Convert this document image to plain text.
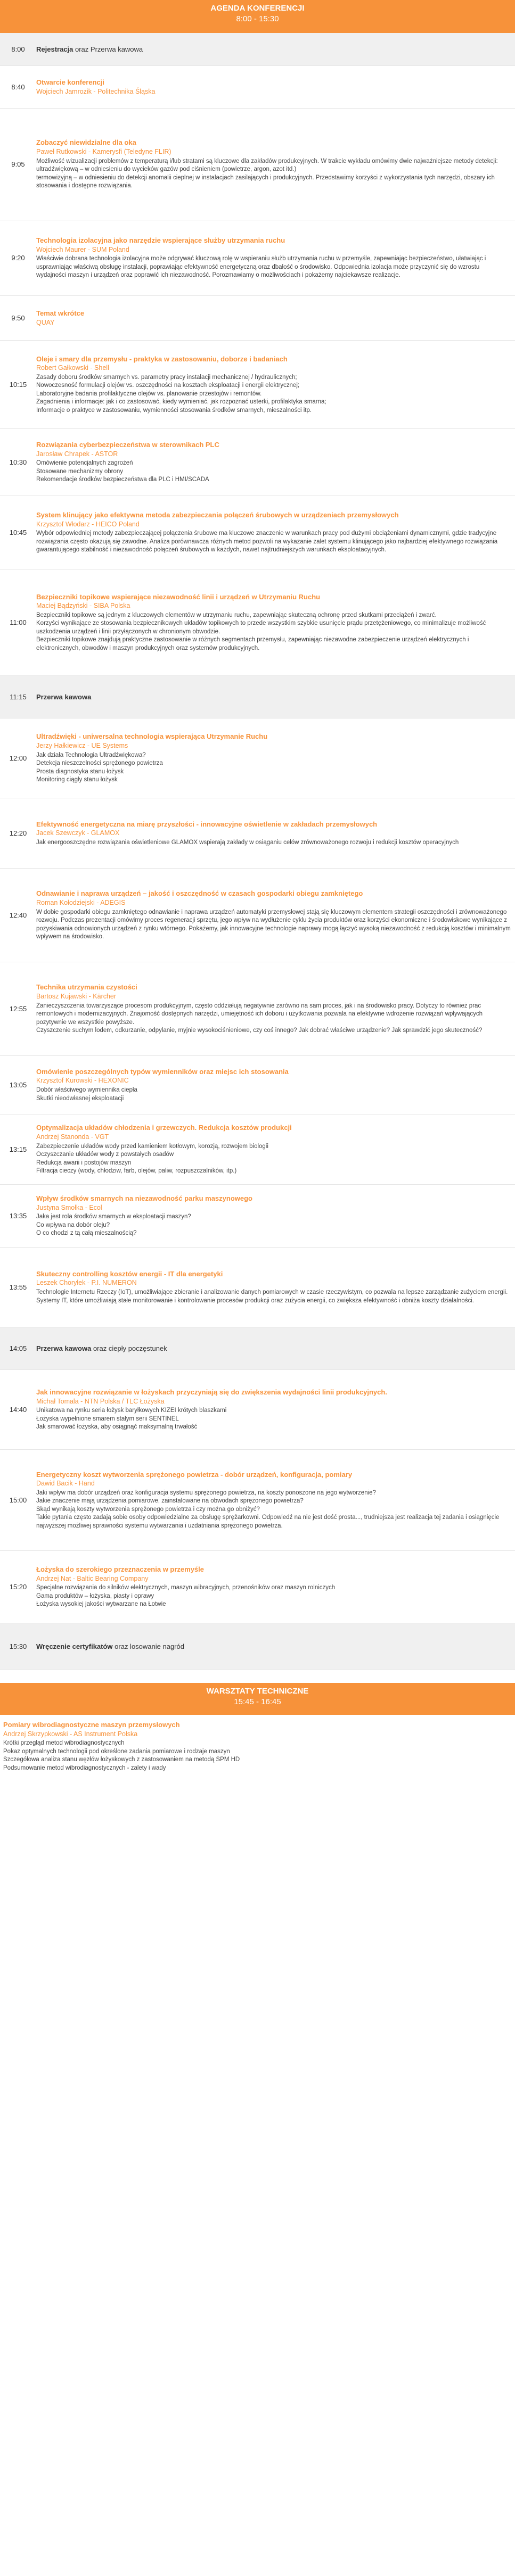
AGENDA KONFERENCJI
8:00 - 15:30
8:00	Rejestracja oraz Przerwa kawowa
8:40
Otwarcie konferencji
Wojciech Jamrozik - Politechnika Śląska
9:05
Zobaczyć niewidzialne dla oka
Paweł Rutkowski - Kamerysfi (Teledyne FLIR)
Możliwość wizualizacji problemów z temperaturą i/lub stratami są kluczowe dla zakładów produkcyjnych. W trakcie wykładu omówimy dwie najważniejsze metody detekcji:
ultradźwiękową – w odniesieniu do wycieków gazów pod ciśnieniem (powietrze, argon, azot itd.)
termowizyjną – w odniesieniu do detekcji anomalii cieplnej w instalacjach zasilających i produkcyjnych. Przedstawimy korzyści z wykorzystania tych narzędzi, obszary ich stosowania i dostępne rozwiązania.
9:20
Technologia izolacyjna jako narzędzie wspierające służby utrzymania ruchu
Wojciech Maurer - SUM Poland
Właściwie dobrana technologia izolacyjna może odgrywać kluczową rolę w wspieraniu służb utrzymania ruchu w przemyśle, zapewniając bezpieczeństwo, ułatwiając i usprawniając właściwą obsługę instalacji, poprawiając efektywność energetyczną oraz dbałość o środowisko. Odpowiednia izolacja może przyczynić się do wzrostu wydajności maszyn i urządzeń oraz poprawić ich niezawodność. Porozmawiamy o możliwościach i pokażemy najciekawsze realizacje.
9:50
Temat wkrótce
QUAY
10:15
Oleje i smary dla przemysłu - praktyka w zastosowaniu, doborze i badaniach
Robert Gałkowski - Shell
Zasady doboru środków smarnych vs. parametry pracy instalacji mechanicznej / hydraulicznych;
Nowoczesność formulacji olejów vs. oszczędności na kosztach eksploatacji i energii elektrycznej;
Laboratoryjne badania profilaktyczne olejów vs. planowanie przestojów i remontów.
Zagadnienia i informacje: jak i co zastosować, kiedy wymieniać, jak rozpoznać usterki, profilaktyka smarna;
Informacje o praktyce w zastosowaniu, wymienności stosowania środków smarnych, mieszalności itp.
10:30
Rozwiązania cyberbezpieczeństwa w sterownikach PLC
Jarosław Chrapek - ASTOR
Omówienie potencjalnych zagrożeń
Stosowane mechanizmy obrony
Rekomendacje środków bezpieczeństwa dla PLC i HMI/SCADA
10:45
System klinujący jako efektywna metoda zabezpieczania połączeń śrubowych w urządzeniach przemysłowych
Krzysztof Włodarz - HEICO Poland
Wybór odpowiedniej metody zabezpieczającej połączenia śrubowe ma kluczowe znaczenie w warunkach pracy pod dużymi obciążeniami dynamicznymi, gdzie tradycyjne rozwiązania często okazują się zawodne. Analiza porównawcza różnych metod pozwoli na wykazanie zalet systemu klinującego jako najbardziej efektywnego rozwiązania gwarantującego stabilność i niezawodność połączeń śrubowych w każdych, nawet najtrudniejszych warunkach eksploatacyjnych.
11:00
Bezpieczniki topikowe wspierające niezawodność linii i urządzeń w Utrzymaniu Ruchu
Maciej Bądzyński - SIBA Polska
Bezpieczniki topikowe są jednym z kluczowych elementów w utrzymaniu ruchu, zapewniając skuteczną ochronę przed skutkami przeciążeń i zwarć.
Korzyści wynikające ze stosowania bezpiecznikowych układów topikowych to przede wszystkim szybkie usunięcie prądu przetężeniowego, co minimalizuje możliwość uszkodzenia urządzeń i linii przyłączonych w chronionym obwodzie.
Bezpieczniki topikowe znajdują praktyczne zastosowanie w różnych segmentach przemysłu, zapewniając niezawodne zabezpieczenie urządzeń elektrycznych i elektronicznych, obwodów i maszyn produkcyjnych oraz systemów produkcyjnych.
11:15	Przerwa kawowa
12:00
Ultradźwięki - uniwersalna technologia wspierająca Utrzymanie Ruchu
Jerzy Hałkiewicz - UE Systems
Jak działa Technologia Ultradźwiękowa?
Detekcja nieszczelności sprężonego powietrza
Prosta diagnostyka stanu łożysk
Monitoring ciągły stanu łożysk
12:20
Efektywność energetyczna na miarę przyszłości - innowacyjne oświetlenie w zakładach przemysłowych
Jacek Szewczyk - GLAMOX
Jak energooszczędne rozwiązania oświetleniowe GLAMOX wspierają zakłady w osiąganiu celów zrównoważonego rozwoju i redukcji kosztów operacyjnych
12:40
Odnawianie i naprawa urządzeń – jakość i oszczędność w czasach gospodarki obiegu zamkniętego
Roman Kołodziejski - ADEGIS
W dobie gospodarki obiegu zamkniętego odnawianie i naprawa urządzeń automatyki przemysłowej stają się kluczowym elementem strategii oszczędności i zrównoważonego rozwoju. Podczas prezentacji omówimy proces regeneracji sprzętu, jego wpływ na wydłużenie cyklu życia produktów oraz korzyści ekonomiczne i środowiskowe wynikające z pozyskiwania odnowionych urządzeń z rynku wtórnego. Pokażemy, jak innowacyjne technologie naprawy mogą łączyć wysoką niezawodność z redukcją kosztów i minimalnym wpływem na środowisko.
12:55
Technika utrzymania czystości
Bartosz Kujawski - Kärcher
Zanieczyszczenia towarzyszące procesom produkcyjnym, często oddziałują negatywnie zarówno na sam proces, jak i na środowisko pracy. Dotyczy to również prac remontowych i modernizacyjnych. Znajomość dostępnych narzędzi, umiejętność ich doboru i użytkowania pozwala na efektywne wdrożenie rozwiązań wpływających pozytywnie we wszystkie powyższe.
Czyszczenie suchym lodem, odkurzanie, odpylanie, myjnie wysokociśnieniowe, czy coś innego? Jak dobrać właściwe urządzenie? Jak sprawdzić jego skuteczność?
13:05
Omówienie poszczególnych typów wymienników oraz miejsc ich stosowania
Krzysztof Kurowski - HEXONIC
Dobór właściwego wymiennika ciepła
Skutki nieodwłasnej eksploatacji
13:15
Optymalizacja układów chłodzenia i grzewczych. Redukcja kosztów produkcji
Andrzej Stanonda - VGT
Zabezpieczenie układów wody przed kamieniem kotłowym, korozją, rozwojem biologii
Oczyszczanie układów wody z powstałych osadów
Redukcja awarii i postojów maszyn
Filtracja cieczy (wody, chłodziw, farb, olejów, paliw, rozpuszczalników, itp.)
13:35
Wpływ środków smarnych na niezawodność parku maszynowego
Justyna Smołka - Ecol
Jaka jest rola środków smarnych w eksploatacji maszyn?
Co wpływa na dobór oleju?
O co chodzi z tą całą mieszalnością?
13:55
Skuteczny controlling kosztów energii - IT dla energetyki
Leszek Choryłek - P.I. NUMERON
Technologie Internetu Rzeczy (IoT), umożliwiające zbieranie i analizowanie danych pomiarowych w czasie rzeczywistym, co pozwala na lepsze zarządzanie zużyciem energii.
Systemy IT, które umożliwiają stałe monitorowanie i kontrolowanie procesów produkcji oraz zużycia energii, co zwiększa efektywność i obniża koszty działalności.
14:05	Przerwa kawowa oraz ciepły poczęstunek
14:40
Jak innowacyjne rozwiązanie w łożyskach przyczyniają się do zwiększenia wydajności linii produkcyjnych.
Michał Tomala - NTN Polska / TLC Łożyska
Unikatowa na rynku seria łożysk baryłkowych KIZEI krótych blaszkami
Łożyska wypełnione smarem stałym serii SENTINEL
Jak smarować łożyska, aby osiągnąć maksymalną trwałość
15:00
Energetyczny koszt wytworzenia sprężonego powietrza - dobór urządzeń, konfiguracja, pomiary
Dawid Bacik - Hand
Jaki wpływ ma dobór urządzeń oraz konfiguracja systemu sprężonego powietrza, na koszty ponoszone na jego wytworzenie?
Jakie znaczenie mają urządzenia pomiarowe, zainstalowane na obwodach sprężonego powietrza?
Skąd wynikają koszty wytworzenia sprężonego powietrza i czy można go obniżyć?
Takie pytania często zadają sobie osoby odpowiedzialne za obsługę sprężarkowni. Odpowiedź na nie jest dość prosta..., trudniejsza jest realizacja tej zadania i osiągnięcie najwyższej możliwej sprawności systemu wytwarzania i uzdatniania sprężonego powietrza.
15:20
Łożyska do szerokiego przeznaczenia w przemyśle
Andrzej Nat - Baltic Bearing Company
Specjalne rozwiązania do silników elektrycznych, maszyn wibracyjnych, przenośników oraz maszyn rolniczych
Gama produktów – łożyska, piasty i oprawy
Łożyska wysokiej jakości wytwarzane na Łotwie
15:30	Wręczenie certyfikatów oraz losowanie nagród
WARSZTATY TECHNICZNE
15:45 - 16:45
Pomiary wibrodiagnostyczne maszyn przemysłowych
Andrzej Skrzypkowski - AS Instrument Polska
Krótki przegląd metod wibrodiagnostycznych
Pokaz optymalnych technologii pod określone zadania pomiarowe i rodzaje maszyn
Szczegółowa analiza stanu węzłów łożyskowych z zastosowaniem na metodą SPM HD
Podsumowanie metod wibrodiagnostycznych - zalety i wady
